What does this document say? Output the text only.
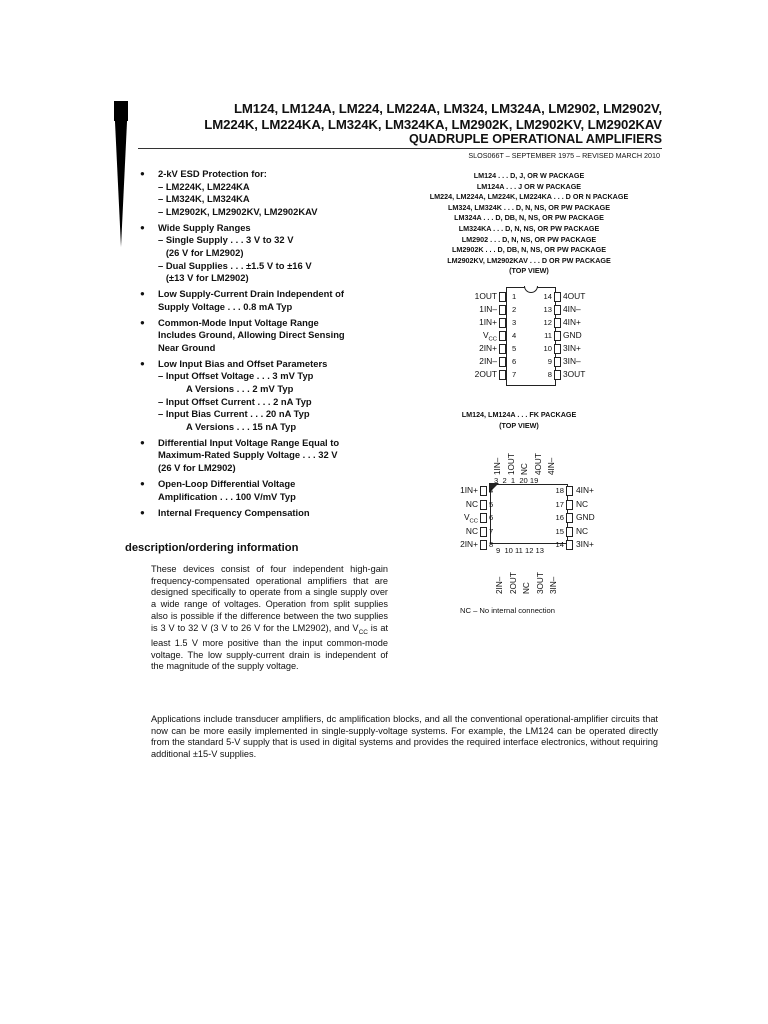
LM124, LM124A, LM224, LM224A, LM324, LM324A, LM2902, LM2902V,
LM224K, LM224KA, LM324K, LM324KA, LM2902K, LM2902KV, LM2902KAV
QUADRUPLE OPERATIONAL AMPLIFIERS
SLOS066T – SEPTEMBER 1975 – REVISED MARCH 2010
● 2-kV ESD Protection for:
– LM224K, LM224KA
– LM324K, LM324KA
– LM2902K, LM2902KV, LM2902KAV
● Wide Supply Ranges
– Single Supply . . . 3 V to 32 V
(26 V for LM2902)
– Dual Supplies . . . ±1.5 V to ±16 V
(±13 V for LM2902)
● Low Supply-Current Drain Independent of
Supply Voltage . . . 0.8 mA Typ
● Common-Mode Input Voltage Range
Includes Ground, Allowing Direct Sensing
Near Ground
● Low Input Bias and Offset Parameters
– Input Offset Voltage . . . 3 mV Typ
A Versions . . . 2 mV Typ
– Input Offset Current . . . 2 nA Typ
– Input Bias Current . . . 20 nA Typ
A Versions . . . 15 nA Typ
● Differential Input Voltage Range Equal to
Maximum-Rated Supply Voltage . . . 32 V
(26 V for LM2902)
● Open-Loop Differential Voltage
Amplification . . . 100 V/mV Typ
● Internal Frequency Compensation
description/ordering information
These devices consist of four independent high-gain frequency-compensated operational amplifiers that are designed specifically to operate from a single supply over a wide range of voltages. Operation from split supplies also is possible if the difference between the two supplies is 3 V to 32 V (3 V to 26 V for the LM2902), and $V_{CC}$ is at least 1.5 V more positive than the input common-mode voltage. The low supply-current drain is independent of the magnitude of the supply voltage.
Applications include transducer amplifiers, dc amplification blocks, and all the conventional operational-amplifier circuits that now can be more easily implemented in single-supply-voltage systems. For example, the LM124 can be operated directly from the standard 5-V supply that is used in digital systems and provides the required interface electronics, without requiring additional ±15-V supplies.
LM124 . . . D, J, OR W PACKAGE
LM124A . . . J OR W PACKAGE
LM224, LM224A, LM224K, LM224KA . . . D OR N PACKAGE
LM324, LM324K . . . D, N, NS, OR PW PACKAGE
LM324A . . . D, DB, N, NS, OR PW PACKAGE
LM324KA . . . D, N, NS, OR PW PACKAGE
LM2902 . . . D, N, NS, OR PW PACKAGE
LM2902K . . . D, DB, N, NS, OR PW PACKAGE
LM2902KV, LM2902KAV . . . D OR PW PACKAGE
(TOP VIEW)
1
1OUT
2
1IN–
3
1IN+
4
$V_{CC}$
5
2IN+
6
2IN–
7
2OUT
14 4OUT
13 4IN–
12 4IN+
11 GND
10 3IN+
9 3IN–
8 3OUT
LM124, LM124A . . . FK PACKAGE
(TOP VIEW)
1IN– 1OUT NC 4OUT 4IN–
3  2  1  20 19
4
1IN+
5
NC
6
$V_{CC}$
7
NC
8
2IN+
18 4IN+
17 NC
16 GND
15 NC
14 3IN+
9  10 11 12 13
2IN– 2OUT NC 3OUT 3IN–
NC – No internal connection
